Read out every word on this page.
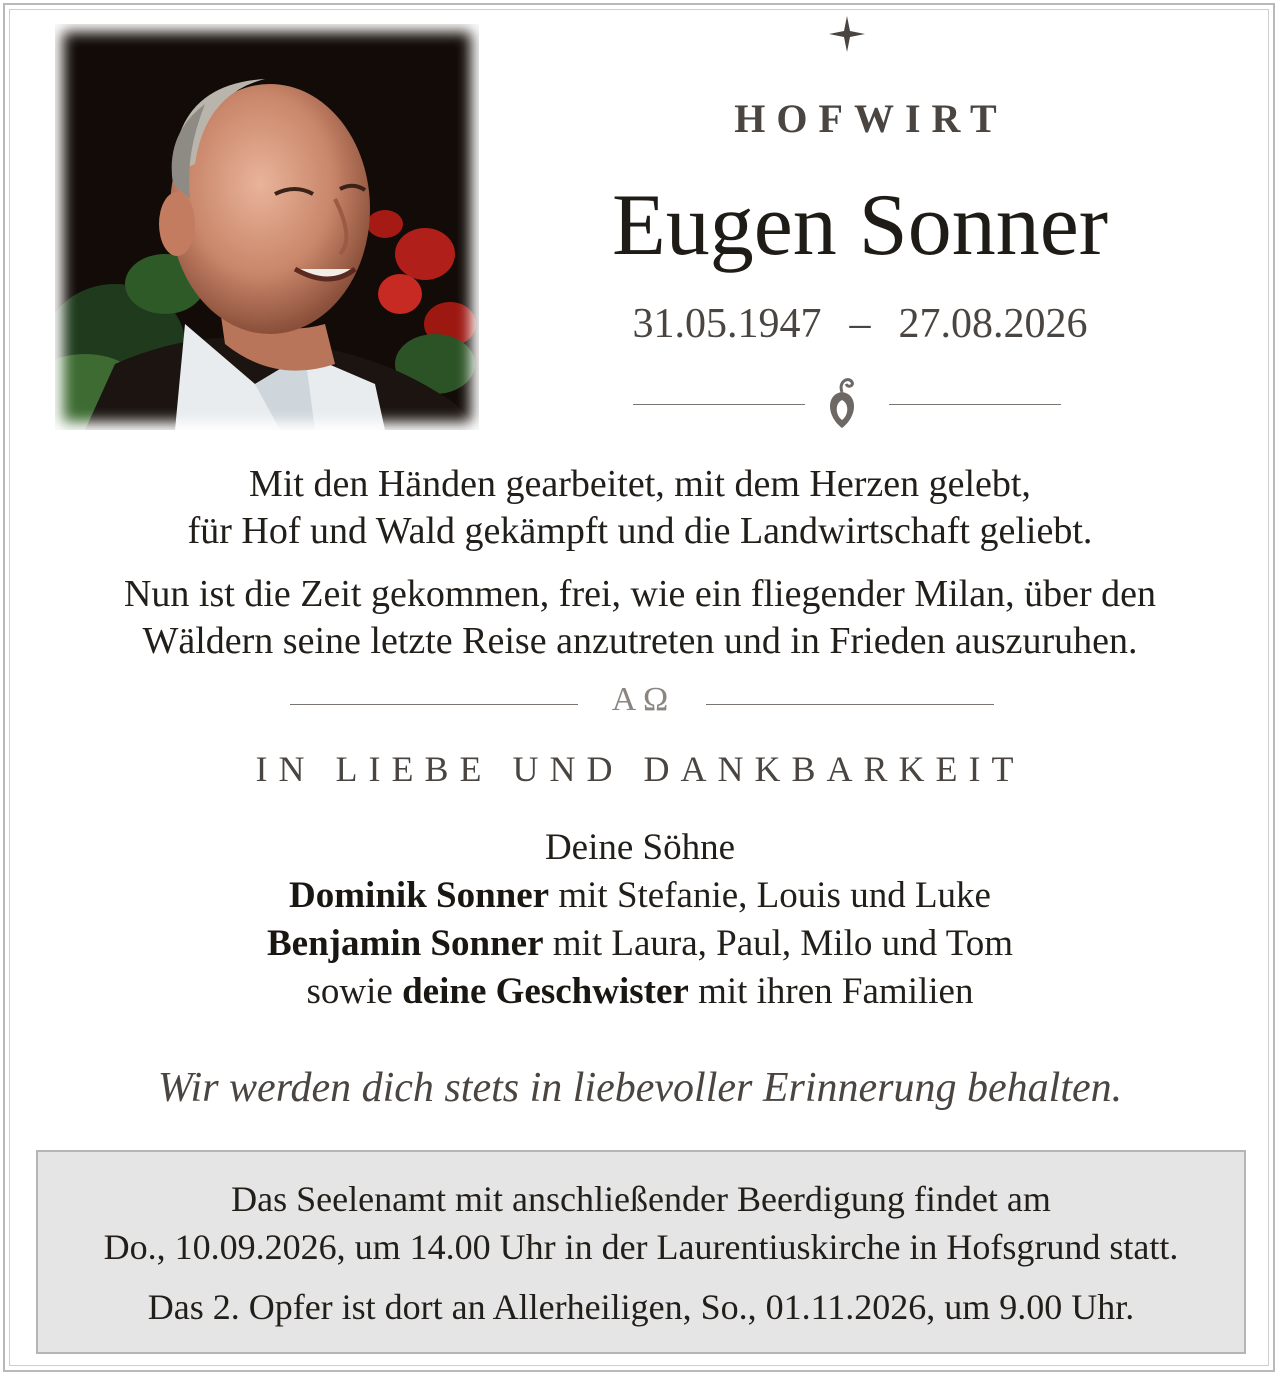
HOFWIRT
Eugen Sonner
31.05.1947 – 27.08.2026
Mit den Händen gearbeitet, mit dem Herzen gelebt,
für Hof und Wald gekämpft und die Landwirtschaft geliebt.
Nun ist die Zeit gekommen, frei, wie ein fliegender Milan, über den
Wäldern seine letzte Reise anzutreten und in Frieden auszuruhen.
A Ω
IN LIEBE UND DANKBARKEIT
Deine Söhne
Dominik Sonner mit Stefanie, Louis und Luke
Benjamin Sonner mit Laura, Paul, Milo und Tom
sowie deine Geschwister mit ihren Familien
Wir werden dich stets in liebevoller Erinnerung behalten.
Das Seelenamt mit anschließender Beerdigung findet am
Do., 10.09.2026, um 14.00 Uhr in der Laurentiuskirche in Hofsgrund statt.
Das 2. Opfer ist dort an Allerheiligen, So., 01.11.2026, um 9.00 Uhr.
